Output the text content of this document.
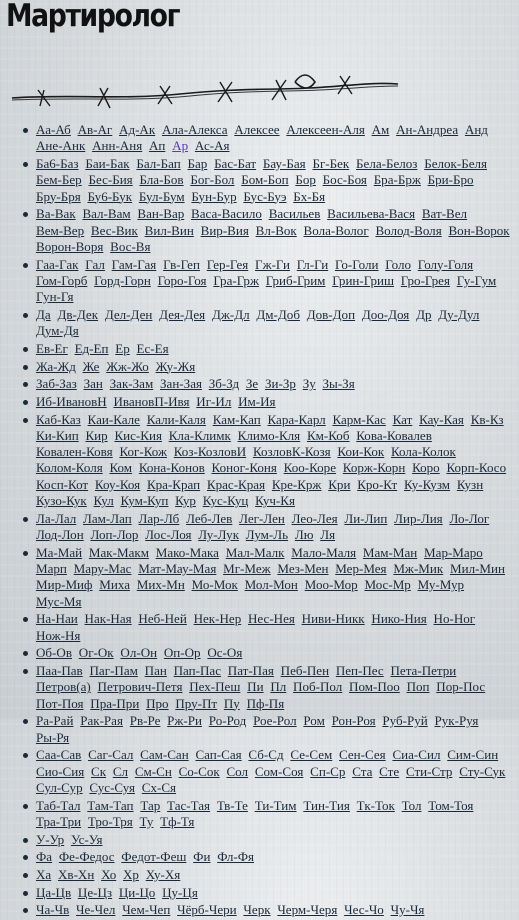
Мартиролог
Аа-Аб Ав-Аг Ад-Ак Ала-Алекса Алексее Алексеен-Аля Ам Ан-Андреа Анд Ане-Анк Анн-Аня Ап Ар Ас-Ая
Ба6-Баз Баи-Бак Бал-Бап Бар Бас-Бат Бау-Бая Бг-Бек Бела-Белоз Белок-Беля Бем-Бер Бес-Бия Бла-Бов Бог-Бол Бом-Боп Бор Бос-Боя Бра-Брж Бри-Бро Бру-Бря Бу6-Бук Бул-Бум Бун-Бур Бус-Буэ Бх-Бя
Ва-Вак Вал-Вам Ван-Вар Васа-Васило Васильев Васильева-Вася Ват-Вел Вем-Вер Вес-Вик Вил-Вин Вир-Вия Вл-Вок Вола-Волог Волод-Воля Вон-Ворок Ворон-Воря Вос-Вя
Гаа-Гак Гал Гам-Гая Гв-Геп Гер-Гея Гж-Ги Гл-Ги Го-Голи Голо Голу-Голя Гом-Горб Горд-Горн Горо-Гоя Гра-Грж Гриб-Грим Грин-Гриш Гро-Грея Гу-Гум Гун-Гя
Да Дв-Дек Дел-Ден Дея-Дея Дж-Дл Дм-Доб Дов-Доп Доо-Доя Др Ду-Дул Дум-Дя
Ев-Ег Ед-Еп Ер Ес-Ея
Жа-Жд Же Жж-Жо Жу-Жя
Заб-Заз Зан Зак-Зам Зан-Зая Зб-Зд Зе Зи-Зр Зу Зы-Зя
Иб-ИвановН ИвановП-Ивя Иг-Ил Им-Ия
Каб-Каз Каи-Кале Кали-Каля Кам-Кап Кара-Карл Карм-Кас Кат Кау-Кая Кв-Кз Ки-Кип Кир Кис-Кия Кла-Климк Климо-Кля Км-Коб Кова-Ковалев Ковален-Ковя Ког-Кож Коз-КозловИ КозловК-Козя Кои-Кок Кола-Колок Колом-Коля Ком Кона-Конов Коног-Коня Коо-Коре Корж-Корн Коро Корп-Косо Косп-Кот Коу-Коя Кра-Крап Крас-Края Кре-Крж Кри Кро-Кт Ку-Кузм Кузн Кузо-Кук Кул Кум-Куп Кур Кус-Куц Куч-Кя
Ла-Лал Лам-Лап Лар-Лб Леб-Лев Лег-Лен Лео-Лея Ли-Лип Лир-Лия Ло-Лог Лод-Лон Лоп-Лор Лос-Лоя Лу-Лук Лум-Ль Лю Ля
Ма-Май Мак-Макм Мако-Мака Мал-Малк Мало-Маля Мам-Ман Мар-Маро Марп Мару-Мас Мат-Мау-Мая Мг-Меж Мез-Мен Мер-Мея Мж-Мик Мил-Мин Мир-Миф Миха Мих-Мн Мо-Мок Мол-Мон Моо-Мор Мос-Мр Му-Мур Мус-Мя
На-Наи Нак-Ная Неб-Ней Нек-Нер Нес-Нея Ниви-Никк Нико-Ния Но-Ног Нож-Ня
Об-Ов Ог-Ок Ол-Он Оп-Ор Ос-Оя
Паа-Пав Паг-Пам Пан Пап-Пас Пат-Пая Пеб-Пен Пеп-Пес Пета-Петри Петров(а) Петрович-Петя Пех-Пеш Пи Пл Поб-Пол Пом-Поо Поп Пор-Пос Пот-Поя Пра-При Про Пру-Пт Пу Пф-Пя
Ра-Рай Рак-Рая Рв-Ре Рж-Ри Ро-Род Рое-Рол Ром Рон-Роя Руб-Руй Рук-Руя Ры-Ря
Саа-Сав Саг-Сал Сам-Сан Сап-Сая Сб-Сд Се-Сем Сен-Сея Сиа-Сил Сим-Син Сио-Сия Ск Сл См-Сн Со-Сок Сол Сом-Соя Сп-Ср Ста Сте Сти-Стр Сту-Сук Сул-Сур Сус-Суя Сх-Ся
Таб-Тал Там-Тап Тар Тас-Тая Тв-Те Ти-Тим Тин-Тия Тк-Ток Тол Том-Тоя Тра-Три Тро-Тря Ту Тф-Тя
У-Ур Ус-Уя
Фа Фе-Федос Федот-Феш Фи Фл-Фя
Ха Хв-Хн Хо Хр Ху-Хя
Ца-Цв Це-Цз Ци-Цо Цу-Ця
Ча-Чв Че-Чел Чем-Чеп Чёрб-Чери Черк Черм-Черя Чес-Чо Чу-Чя
